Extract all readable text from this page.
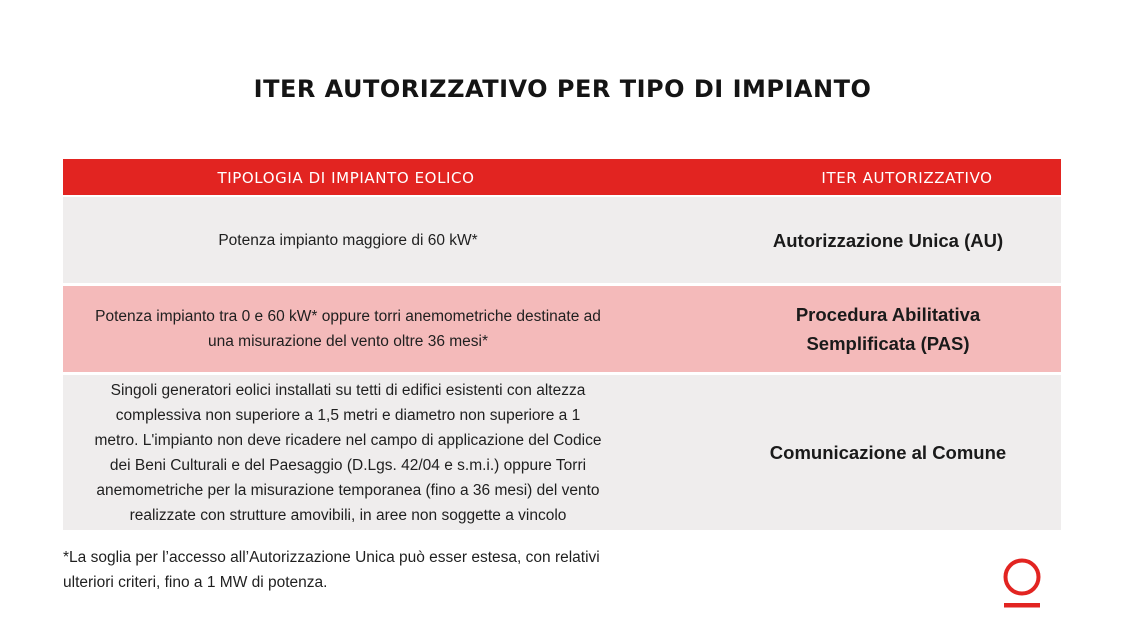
ITER AUTORIZZATIVO PER TIPO DI IMPIANTO
TIPOLOGIA DI IMPIANTO EOLICO	ITER AUTORIZZATIVO
Potenza impianto maggiore di 60 kW*	Autorizzazione Unica (AU)
Potenza impianto tra 0 e 60 kW* oppure torri anemometriche destinate ad
una misurazione del vento oltre 36 mesi*
Procedura Abilitativa
Semplificata (PAS)
Singoli generatori eolici installati su tetti di edifici esistenti con altezza
complessiva non superiore a 1,5 metri e diametro non superiore a 1
metro. L'impianto non deve ricadere nel campo di applicazione del Codice
dei Beni Culturali e del Paesaggio (D.Lgs. 42/04 e s.m.i.) oppure Torri
anemometriche per la misurazione temporanea (fino a 36 mesi) del vento
realizzate con strutture amovibili, in aree non soggette a vincolo
Comunicazione al Comune
*La soglia per l’accesso all’Autorizzazione Unica può esser estesa, con relativi
ulteriori criteri, fino a 1 MW di potenza.
